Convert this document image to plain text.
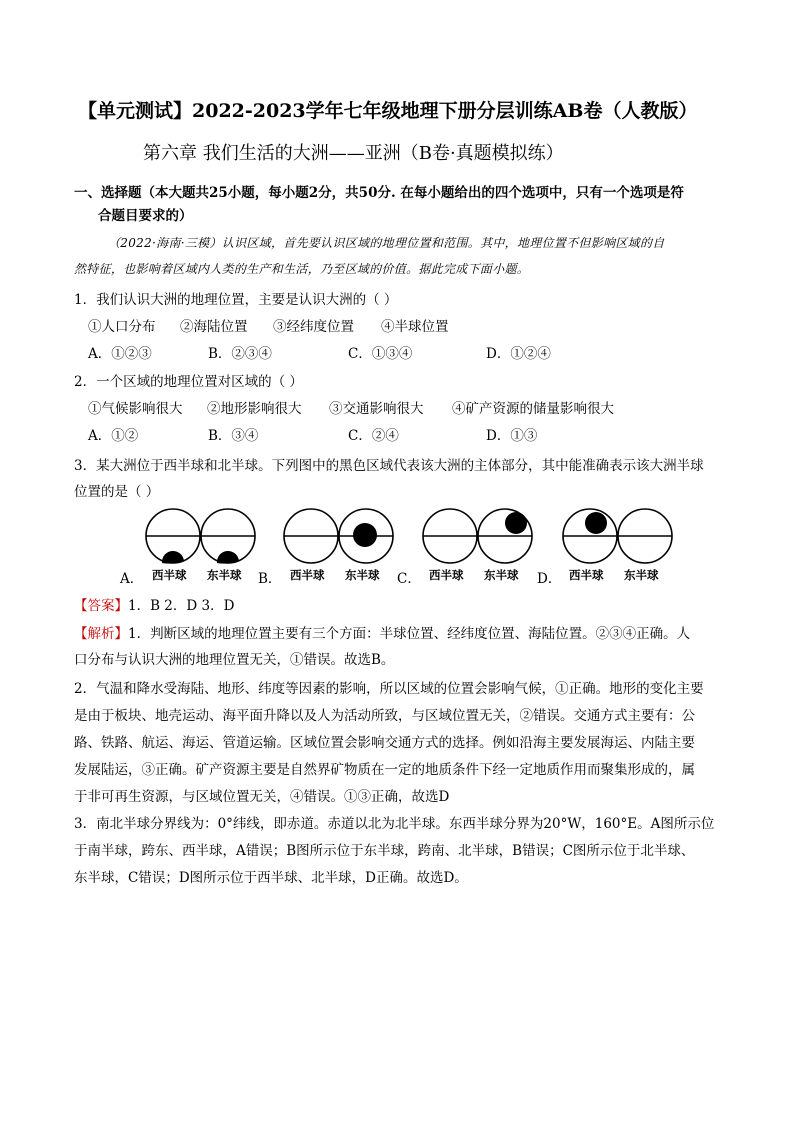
【单元测试】2022-2023学年七年级地理下册分层训练AB卷（人教版）
第六章 我们生活的大洲——亚洲（B卷·真题模拟练）
一、选择题（本大题共25小题，每小题2分，共50分. 在每小题给出的四个选项中，只有一个选项是符
合题目要求的）
（2022·海南·三模）认识区域，首先要认识区域的地理位置和范围。其中，地理位置不但影响区域的自
然特征，也影响着区域内人类的生产和生活，乃至区域的价值。据此完成下面小题。
1．我们认识大洲的地理位置，主要是认识大洲的（ ）
①人口分布 ②海陆位置 ③经纬度位置 ④半球位置
A．①②③	B．②③④	C．①③④	D．①②④
2．一个区域的地理位置对区域的（ ）
①气候影响很大 ②地形影响很大 ③交通影响很大 ④矿产资源的储量影响很大
A．①②	B．③④	C．②④	D．①③
3．某大洲位于西半球和北半球。下列图中的黑色区域代表该大洲的主体部分，其中能准确表示该大洲半球
位置的是（ ）
A．	B．	C．	D．
西半球 东半球	西半球 东半球	西半球 东半球	西半球 东半球
【答案】1．B 2．D 3．D
【解析】1．判断区域的地理位置主要有三个方面：半球位置、经纬度位置、海陆位置。②③④正确。人
口分布与认识大洲的地理位置无关，①错误。故选B。
2．气温和降水受海陆、地形、纬度等因素的影响，所以区域的位置会影响气候，①正确。地形的变化主要
是由于板块、地壳运动、海平面升降以及人为活动所致，与区域位置无关，②错误。交通方式主要有：公
路、铁路、航运、海运、管道运输。区域位置会影响交通方式的选择。例如沿海主要发展海运、内陆主要
发展陆运，③正确。矿产资源主要是自然界矿物质在一定的地质条件下经一定地质作用而聚集形成的，属
于非可再生资源，与区域位置无关，④错误。①③正确，故选D
3．南北半球分界线为：0°纬线，即赤道。赤道以北为北半球。东西半球分界为20°W，160°E。A图所示位
于南半球，跨东、西半球，A错误；B图所示位于东半球，跨南、北半球，B错误；C图所示位于北半球、
东半球，C错误；D图所示位于西半球、北半球，D正确。故选D。
